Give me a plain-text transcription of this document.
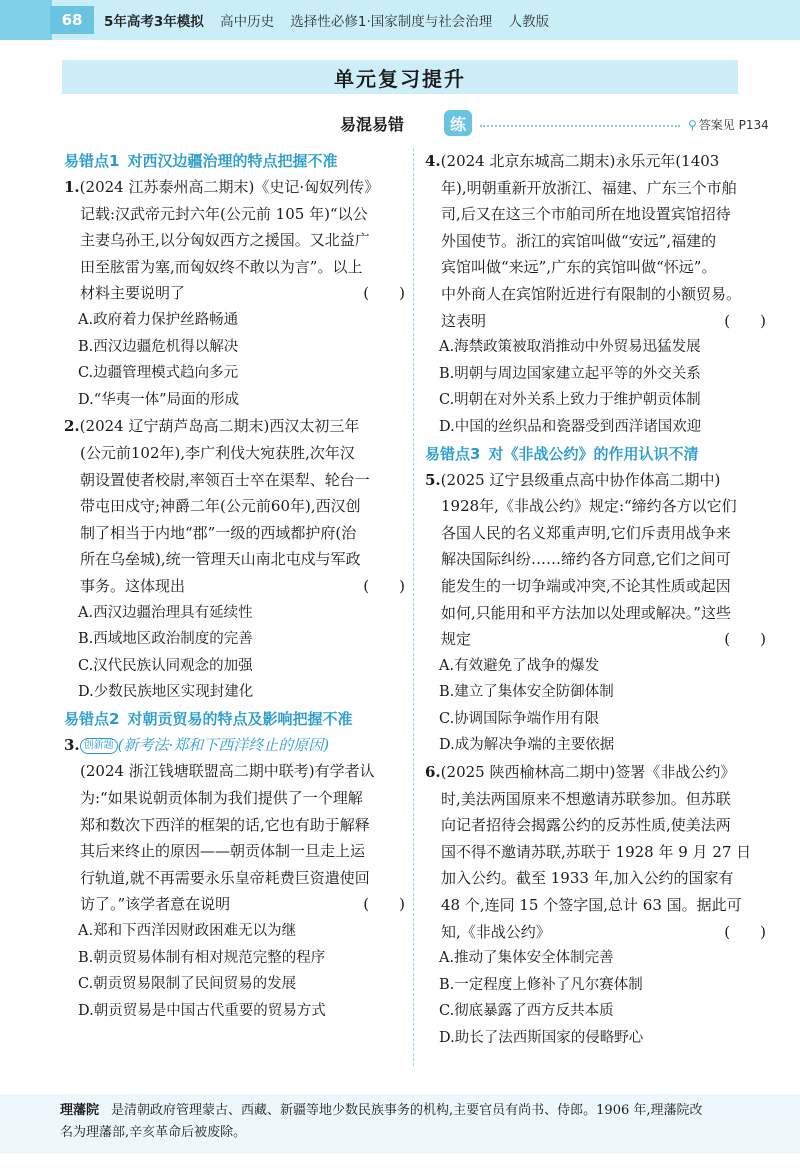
68	5年高考3年模拟 高中历史 选择性必修1·国家制度与社会治理 人教版
单元复习提升
易混易错	练	⚲ 答案见 P134
易错点1 对西汉边疆治理的特点把握不准
1.(2024 江苏泰州高二期末)《史记·匈奴列传》
记载:汉武帝元封六年(公元前 105 年)“以公
主妻乌孙王,以分匈奴西方之援国。又北益广
田至胘雷为塞,而匈奴终不敢以为言”。以上
材料主要说明了	(　　)
A.政府着力保护丝路畅通
B.西汉边疆危机得以解决
C.边疆管理模式趋向多元
D.“华夷一体”局面的形成
2.(2024 辽宁葫芦岛高二期末)西汉太初三年
(公元前102年),李广利伐大宛获胜,次年汉
朝设置使者校尉,率领百士卒在渠犁、轮台一
带屯田戍守;神爵二年(公元前60年),西汉创
制了相当于内地“郡”一级的西域都护府(治
所在乌垒城),统一管理天山南北屯戍与军政
事务。这体现出	(　　)
A.西汉边疆治理具有延续性
B.西域地区政治制度的完善
C.汉代民族认同观念的加强
D.少数民族地区实现封建化
易错点2 对朝贡贸易的特点及影响把握不准
3. 创新题 (新考法·郑和下西洋终止的原因)
(2024 浙江钱塘联盟高二期中联考)有学者认
为:“如果说朝贡体制为我们提供了一个理解
郑和数次下西洋的框架的话,它也有助于解释
其后来终止的原因——朝贡体制一旦走上运
行轨道,就不再需要永乐皇帝耗费巨资遣使回
访了。”该学者意在说明	(　　)
A.郑和下西洋因财政困难无以为继
B.朝贡贸易体制有相对规范完整的程序
C.朝贡贸易限制了民间贸易的发展
D.朝贡贸易是中国古代重要的贸易方式
4.(2024 北京东城高二期末)永乐元年(1403
年),明朝重新开放浙江、福建、广东三个市舶
司,后又在这三个市舶司所在地设置宾馆招待
外国使节。浙江的宾馆叫做“安远”,福建的
宾馆叫做“来远”,广东的宾馆叫做“怀远”。
中外商人在宾馆附近进行有限制的小额贸易。
这表明	(　　)
A.海禁政策被取消推动中外贸易迅猛发展
B.明朝与周边国家建立起平等的外交关系
C.明朝在对外关系上致力于维护朝贡体制
D.中国的丝织品和瓷器受到西洋诸国欢迎
易错点3 对《非战公约》的作用认识不清
5.(2025 辽宁县级重点高中协作体高二期中)
1928年,《非战公约》规定:“缔约各方以它们
各国人民的名义郑重声明,它们斥责用战争来
解决国际纠纷……缔约各方同意,它们之间可
能发生的一切争端或冲突,不论其性质或起因
如何,只能用和平方法加以处理或解决。”这些
规定	(　　)
A.有效避免了战争的爆发
B.建立了集体安全防御体制
C.协调国际争端作用有限
D.成为解决争端的主要依据
6.(2025 陕西榆林高二期中)签署《非战公约》
时,美法两国原来不想邀请苏联参加。但苏联
向记者招待会揭露公约的反苏性质,使美法两
国不得不邀请苏联,苏联于 1928 年 9 月 27 日
加入公约。截至 1933 年,加入公约的国家有
48 个,连同 15 个签字国,总计 63 国。据此可
知,《非战公约》	(　　)
A.推动了集体安全体制完善
B.一定程度上修补了凡尔赛体制
C.彻底暴露了西方反共本质
D.助长了法西斯国家的侵略野心
理藩院 是清朝政府管理蒙古、西藏、新疆等地少数民族事务的机构,主要官员有尚书、侍郎。1906 年,理藩院改
名为理藩部,辛亥革命后被废除。
